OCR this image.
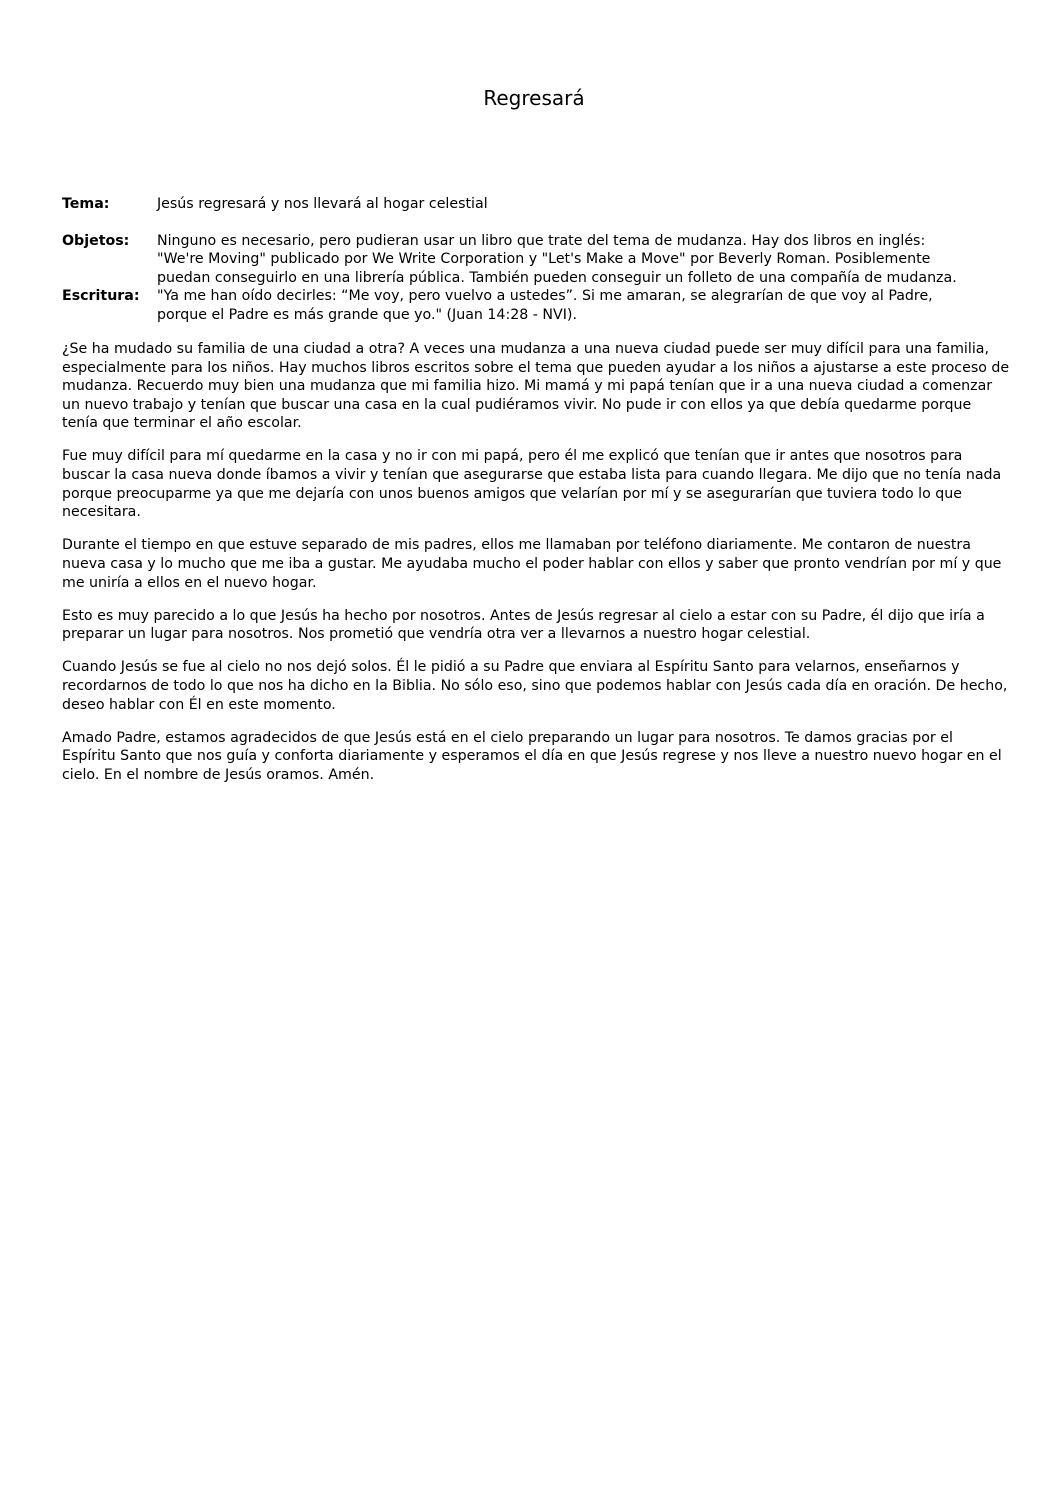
Regresará
Tema:	Jesús regresará y nos llevará al hogar celestial
Objetos:	Ninguno es necesario, pero pudieran usar un libro que trate del tema de mudanza. Hay dos libros en inglés:
"We're Moving" publicado por We Write Corporation y "Let's Make a Move" por Beverly Roman. Posiblemente
puedan conseguirlo en una librería pública. También pueden conseguir un folleto de una compañía de mudanza.
Escritura:	"Ya me han oído decirles: “Me voy, pero vuelvo a ustedes”. Si me amaran, se alegrarían de que voy al Padre,
porque el Padre es más grande que yo." (Juan 14:28 - NVI).

¿Se ha mudado su familia de una ciudad a otra? A veces una mudanza a una nueva ciudad puede ser muy difícil para una familia, especialmente para los niños. Hay muchos libros escritos sobre el tema que pueden ayudar a los niños a ajustarse a este proceso de mudanza. Recuerdo muy bien una mudanza que mi familia hizo. Mi mamá y mi papá tenían que ir a una nueva ciudad a comenzar un nuevo trabajo y tenían que buscar una casa en la cual pudiéramos vivir. No pude ir con ellos ya que debía quedarme porque tenía que terminar el año escolar.

Fue muy difícil para mí quedarme en la casa y no ir con mi papá, pero él me explicó que tenían que ir antes que nosotros para buscar la casa nueva donde íbamos a vivir y tenían que asegurarse que estaba lista para cuando llegara. Me dijo que no tenía nada porque preocuparme ya que me dejaría con unos buenos amigos que velarían por mí y se asegurarían que tuviera todo lo que necesitara.

Durante el tiempo en que estuve separado de mis padres, ellos me llamaban por teléfono diariamente. Me contaron de nuestra nueva casa y lo mucho que me iba a gustar. Me ayudaba mucho el poder hablar con ellos y saber que pronto vendrían por mí y que me uniría a ellos en el nuevo hogar.

Esto es muy parecido a lo que Jesús ha hecho por nosotros. Antes de Jesús regresar al cielo a estar con su Padre, él dijo que iría a preparar un lugar para nosotros. Nos prometió que vendría otra ver a llevarnos a nuestro hogar celestial.

Cuando Jesús se fue al cielo no nos dejó solos. Él le pidió a su Padre que enviara al Espíritu Santo para velarnos, enseñarnos y recordarnos de todo lo que nos ha dicho en la Biblia. No sólo eso, sino que podemos hablar con Jesús cada día en oración. De hecho, deseo hablar con Él en este momento.

Amado Padre, estamos agradecidos de que Jesús está en el cielo preparando un lugar para nosotros. Te damos gracias por el Espíritu Santo que nos guía y conforta diariamente y esperamos el día en que Jesús regrese y nos lleve a nuestro nuevo hogar en el cielo. En el nombre de Jesús oramos. Amén.
